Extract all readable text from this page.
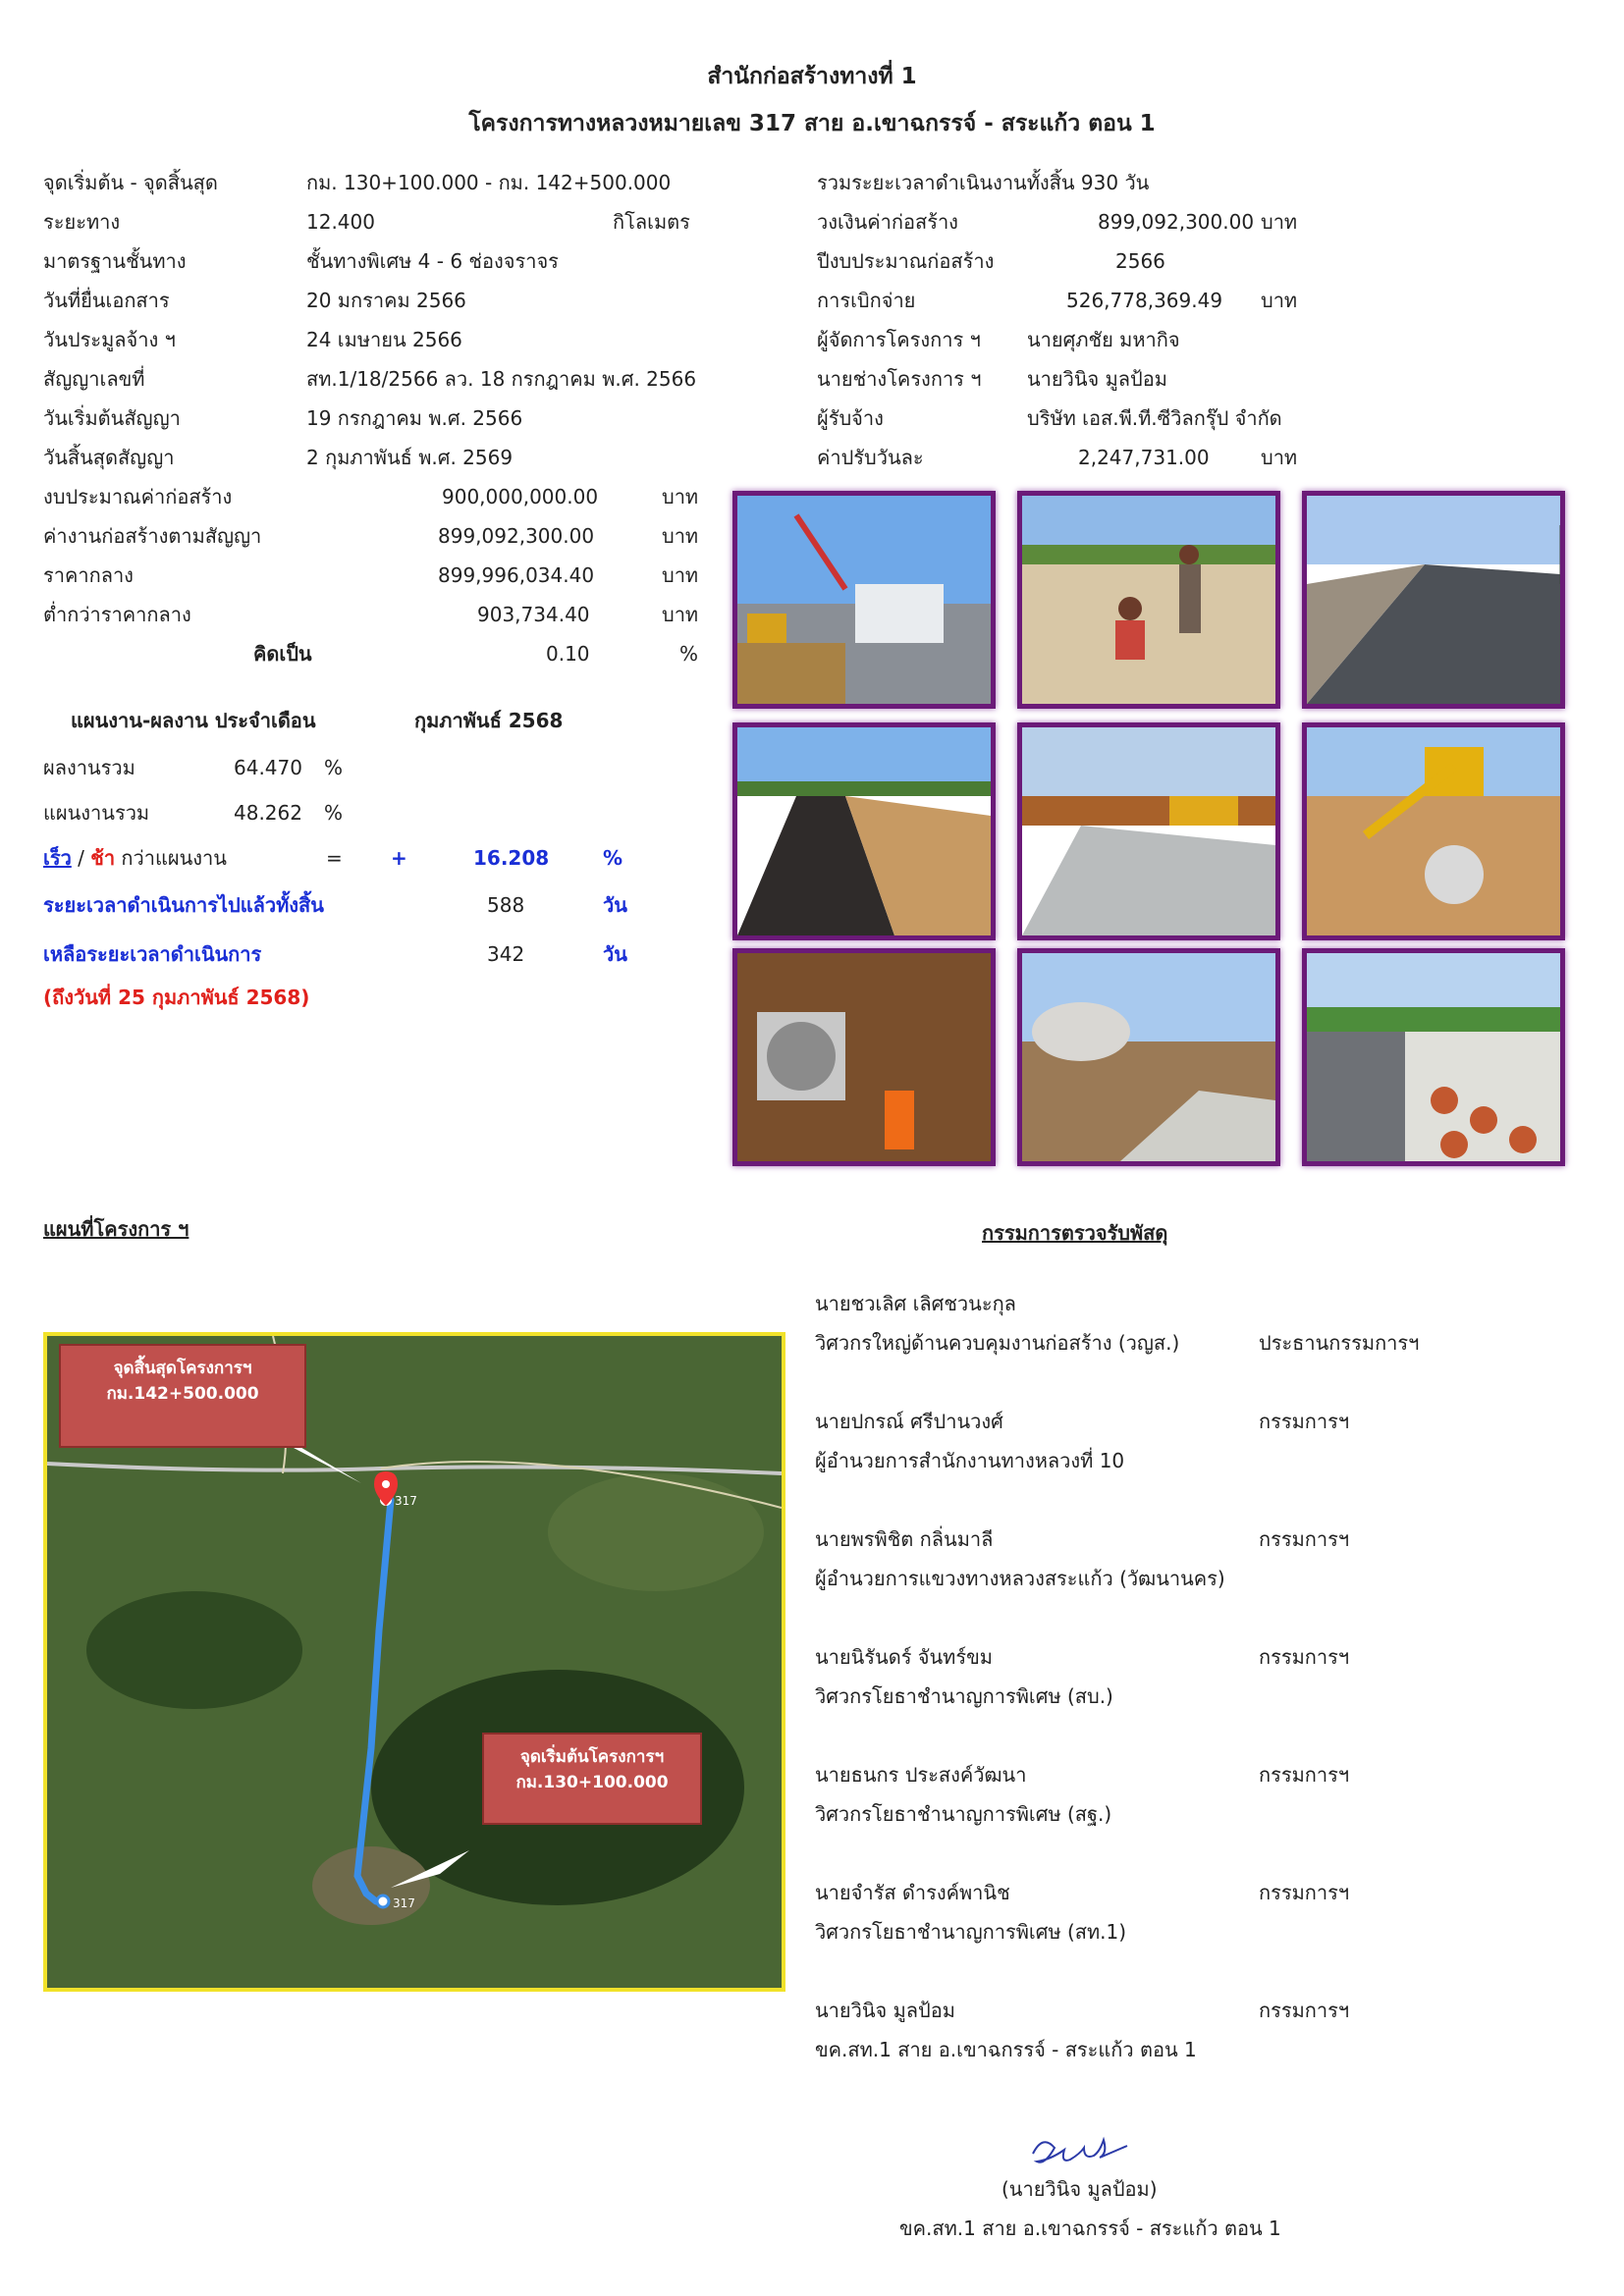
สำนักก่อสร้างทางที่ 1
โครงการทางหลวงหมายเลข 317 สาย อ.เขาฉกรรจ์ - สระแก้ว ตอน 1
จุดเริ่มต้น - จุดสิ้นสุด	กม. 130+100.000 - กม. 142+500.000
ระยะทาง	12.400	กิโลเมตร
มาตรฐานชั้นทาง	ชั้นทางพิเศษ 4 - 6 ช่องจราจร
วันที่ยื่นเอกสาร	20 มกราคม 2566
วันประมูลจ้าง ฯ	24 เมษายน 2566
สัญญาเลขที่	สท.1/18/2566 ลว. 18 กรกฎาคม พ.ศ. 2566
วันเริ่มต้นสัญญา	19 กรกฎาคม พ.ศ. 2566
วันสิ้นสุดสัญญา	2 กุมภาพันธ์ พ.ศ. 2569
รวมระยะเวลาดำเนินงานทั้งสิ้น 930 วัน
วงเงินค่าก่อสร้าง	899,092,300.00 บาท
ปีงบประมาณก่อสร้าง	2566
การเบิกจ่าย	526,778,369.49 บาท
ผู้จัดการโครงการ ฯ นายศุภชัย มหากิจ
นายช่างโครงการ ฯ นายวินิจ มูลป้อม
ผู้รับจ้าง	บริษัท เอส.พี.ที.ซีวิลกรุ๊ป จำกัด
ค่าปรับวันละ	2,247,731.00	บาท
งบประมาณค่าก่อสร้าง	900,000,000.00	บาท
ค่างานก่อสร้างตามสัญญา	899,092,300.00	บาท
ราคากลาง	899,996,034.40	บาท
ต่ำกว่าราคากลาง	903,734.40	บาท
คิดเป็น	0.10	%
แผนงาน-ผลงาน ประจำเดือน	กุมภาพันธ์ 2568
ผลงานรวม	64.470 %
แผนงานรวม	48.262 %
เร็ว / ช้า กว่าแผนงาน	= +	16.208	%
ระยะเวลาดำเนินการไปแล้วทั้งสิ้น	588	วัน
เหลือระยะเวลาดำเนินการ	342	วัน
(ถึงวันที่ 25 กุมภาพันธ์ 2568)
แผนที่โครงการ ฯ
317
317
จุดสิ้นสุดโครงการฯ
กม.142+500.000
จุดเริ่มต้นโครงการฯ
กม.130+100.000
กรรมการตรวจรับพัสดุ
นายชวเลิศ เลิศชวนะกุล
วิศวกรใหญ่ด้านควบคุมงานก่อสร้าง (วญส.)	ประธานกรรมการฯ
นายปกรณ์ ศรีปานวงศ์	กรรมการฯ
ผู้อำนวยการสำนักงานทางหลวงที่ 10
นายพรพิชิต กลิ่นมาลี	กรรมการฯ
ผู้อำนวยการแขวงทางหลวงสระแก้ว (วัฒนานคร)
นายนิรันดร์ จันทร์ขม	กรรมการฯ
วิศวกรโยธาชำนาญการพิเศษ (สบ.)
นายธนกร ประสงค์วัฒนา	กรรมการฯ
วิศวกรโยธาชำนาญการพิเศษ (สฐ.)
นายจำรัส ดำรงค์พานิช	กรรมการฯ
วิศวกรโยธาชำนาญการพิเศษ (สท.1)
นายวินิจ มูลป้อม	กรรมการฯ
ขค.สท.1 สาย อ.เขาฉกรรจ์ - สระแก้ว ตอน 1
(นายวินิจ มูลป้อม)
ขค.สท.1 สาย อ.เขาฉกรรจ์ - สระแก้ว ตอน 1
